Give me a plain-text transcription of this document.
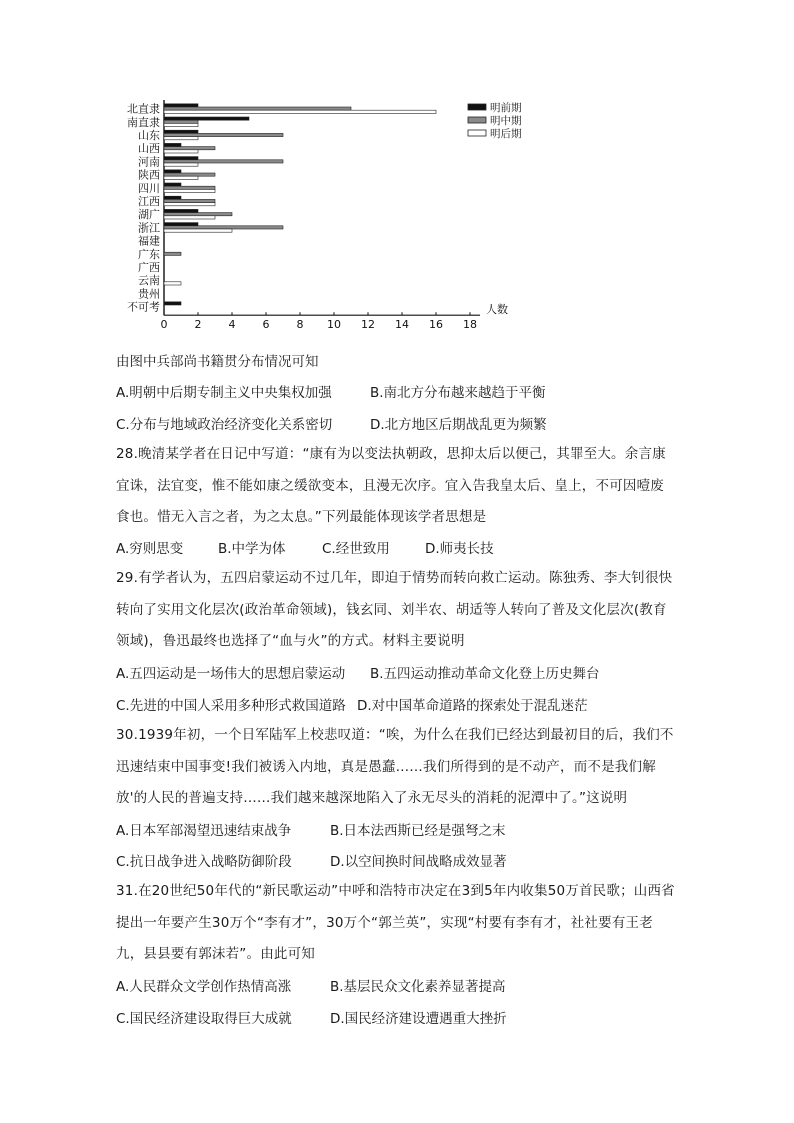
0 2 4 6 8 10 12 14 16 18
人数
北直隶
南直隶
山东
山西
河南
陕西
四川
江西
湖广
浙江
福建
广东
广西
云南
贵州
不可考
明前期
明中期
明后期
由图中兵部尚书籍贯分布情况可知
A.明朝中后期专制主义中央集权加强	B.南北方分布越来越趋于平衡
C.分布与地域政治经济变化关系密切	D.北方地区后期战乱更为频繁
28.晚清某学者在日记中写道：“康有为以变法执朝政，思抑太后以便己，其罪至大。余言康宜诛，法宜变，惟不能如康之缓欲变本，且漫无次序。宜入告我皇太后、皇上，不可因噎废食也。惜无入言之者，为之太息。”下列最能体现该学者思想是
A.穷则思变	B.中学为体	C.经世致用	D.师夷长技
29.有学者认为，五四启蒙运动不过几年，即迫于情势而转向救亡运动。陈独秀、李大钊很快转向了实用文化层次(政治革命领域)，钱玄同、刘半农、胡适等人转向了普及文化层次(教育领域)，鲁迅最终也选择了“血与火”的方式。材料主要说明
A.五四运动是一场伟大的思想启蒙运动 B.五四运动推动革命文化登上历史舞台
C.先进的中国人采用多种形式救国道路 D.对中国革命道路的探索处于混乱迷茫
30.1939年初，一个日军陆军上校悲叹道：“唉，为什么在我们已经达到最初目的后，我们不迅速结束中国事变!我们被诱入内地，真是愚蠢……我们所得到的是不动产，而不是我们解放'的人民的普遍支持……我们越来越深地陷入了永无尽头的消耗的泥潭中了。”这说明
A.日本军部渴望迅速结束战争	B.日本法西斯已经是强弩之末
C.抗日战争进入战略防御阶段	D.以空间换时间战略成效显著
31.在20世纪50年代的“新民歌运动”中呼和浩特市决定在3到5年内收集50万首民歌；山西省提出一年要产生30万个“李有才”，30万个“郭兰英”，实现“村要有李有才，社社要有王老九，县县要有郭沫若”。由此可知
A.人民群众文学创作热情高涨	B.基层民众文化素养显著提高
C.国民经济建设取得巨大成就	D.国民经济建设遭遇重大挫折
